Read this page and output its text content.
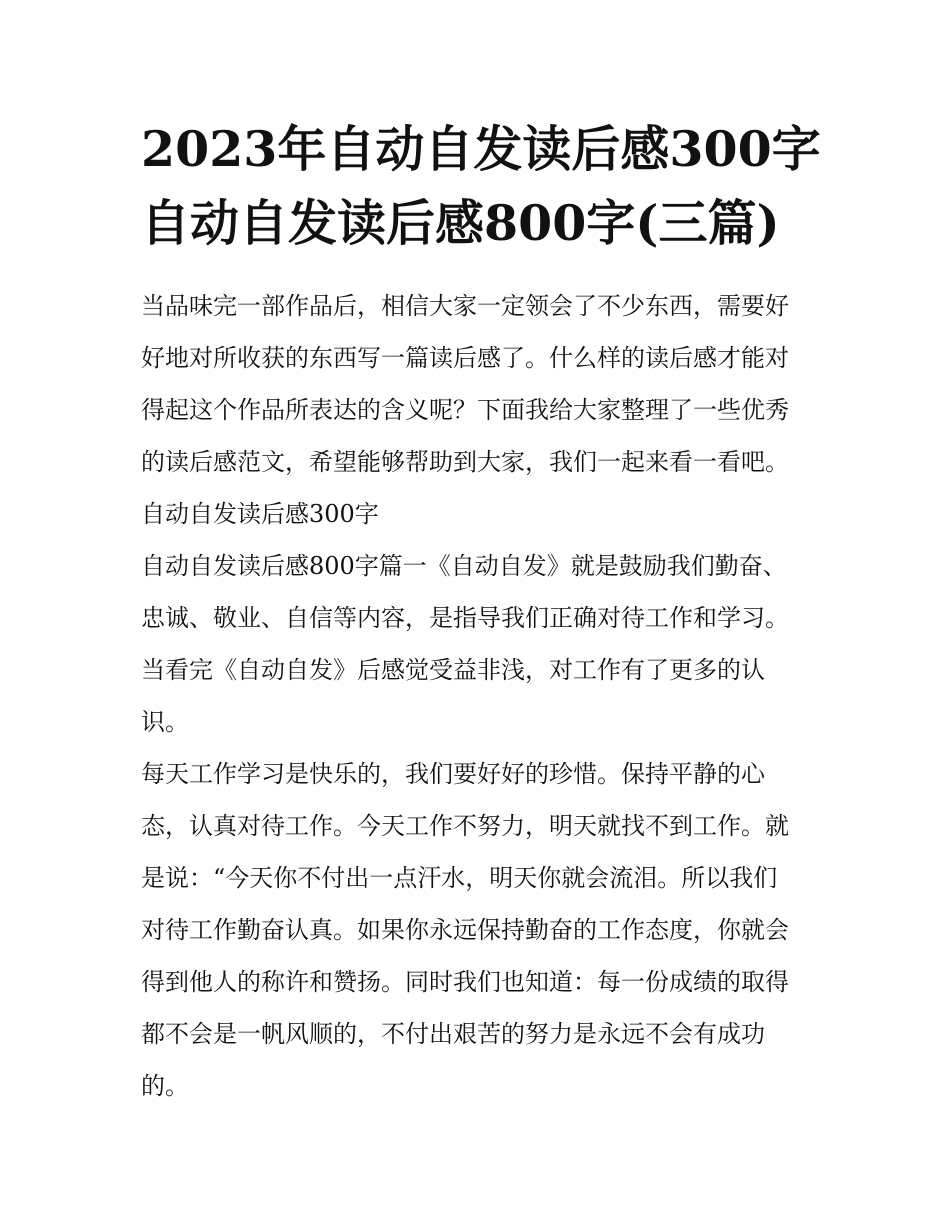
2023年自动自发读后感300字
自动自发读后感800字(三篇)
当品味完一部作品后，相信大家一定领会了不少东西，需要好
好地对所收获的东西写一篇读后感了。什么样的读后感才能对
得起这个作品所表达的含义呢？下面我给大家整理了一些优秀
的读后感范文，希望能够帮助到大家，我们一起来看一看吧。
自动自发读后感300字
自动自发读后感800字篇一《自动自发》就是鼓励我们勤奋、
忠诚、敬业、自信等内容，是指导我们正确对待工作和学习。
当看完《自动自发》后感觉受益非浅，对工作有了更多的认
识。
每天工作学习是快乐的，我们要好好的珍惜。保持平静的心
态，认真对待工作。今天工作不努力，明天就找不到工作。就
是说：“今天你不付出一点汗水，明天你就会流泪。所以我们
对待工作勤奋认真。如果你永远保持勤奋的工作态度，你就会
得到他人的称许和赞扬。同时我们也知道：每一份成绩的取得
都不会是一帆风顺的，不付出艰苦的努力是永远不会有成功
的。
